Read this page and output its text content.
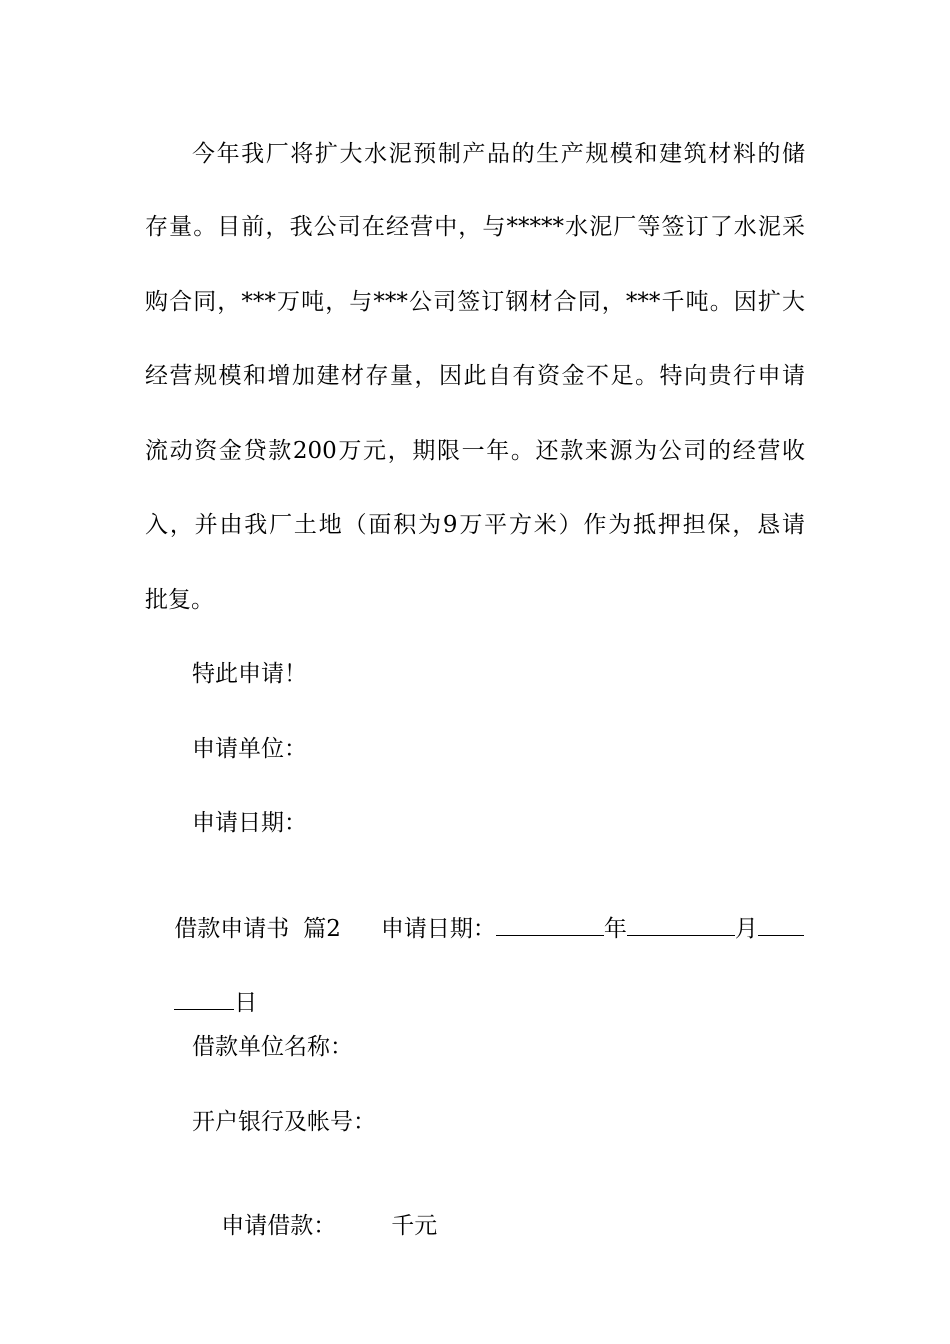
今年我厂将扩大水泥预制产品的生产规模和建筑材料的储
存量。目前，我公司在经营中，与*****水泥厂等签订了水泥采
购合同，***万吨，与***公司签订钢材合同，***千吨。因扩大
经营规模和增加建材存量，因此自有资金不足。特向贵行申请
流动资金贷款200万元，期限一年。还款来源为公司的经营收
入，并由我厂土地（面积为9万平方米）作为抵押担保，恳请
批复。
特此申请！
申请单位：
申请日期：

借款申请书 篇2 申请日期：	年	月

日

借款单位名称：
开户银行及帐号：

申请借款： 千元
